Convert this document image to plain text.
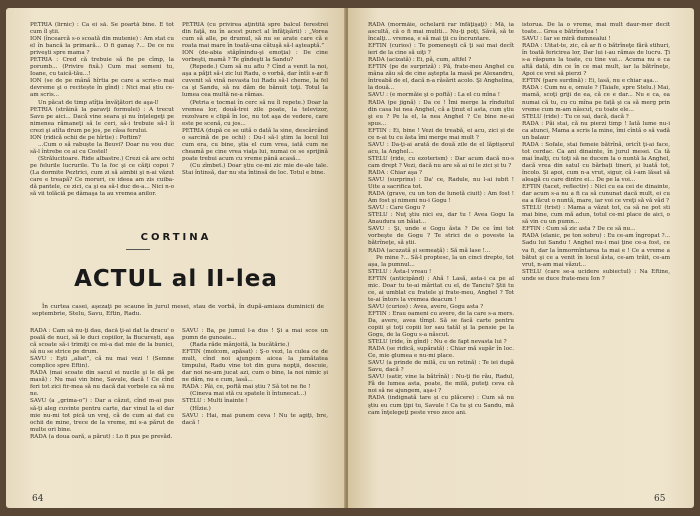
PETRIA (lirnic) : Ca ei să. Se poartă bine. E tot cum îl ştii.

ION (încearcă s-o scoată din mutenie) : Am stat cu el în bancă la primară... O fi ganaş ?... De ce nu priveşti spre mama ?

PETRIA : Cred că trebuie să fie pe cîmp, la porumb... (Privire fixă.) Cum mai semeni tu, Ioane, cu taică-tău...!

ION (se de pe mână hîrtia pe care a scris-o mai devreme şi o recitește în gînd) : Nici mai știu ce-am scris...

Un păcat de timp atîţia învăţători de aşa-l!

PETRIA (străină la paravţi formulei) : A trecut Savu pe aici... Dacă vine seara şi nu înțelegeţi pe nimenea rămaneţi să le ceri, să-i trebuie să-l îi crezi şi atîta drum pe jos, pe căsa ferului.

ION (ridică ochii de pe hîrtie) : Poftim?

...Cum o să rabuște la Beuvi? Doar nu vou duc să-l întrebe ce ai cu Costel!

(Strălucitoare. Ride albastre.) Crezi că are ochi pe felurile lucrurile. Tu la foc şi ce căiţi copoi ? (La dormite Peztrici, cum zi să aimbii şi n-ai văzut care e treapă? Ce moruri, ce ideea am zis cuiba-dă pantele, ce zici, ca şi ea să-l duc de-a... Nici n-o să vii tolăciă pe dâmaşa ta au vremea anilor.

PETRIA (cu privirea aţintită spre balcul ferestrei din faţă, nu în acest punct al înfăţişării) : „Vorea cum să alle, pe drumul, să nu se arate care că e roata mai mare în toată-una cătuşă să-l aşteaptă.”

ION (de-abia stăpînindu-şi emoţia) : De cine vorbeşti, mamă ? Te gîndeşti la Sandu?

(Repede.) Cum să nu aflu ? Cînd a venit la noi, aşa a păţit să-i zic lui Radu, o vorbă, dar întîi s-ar fi cuvenit să vină nevasta lui Radu să-l cheme, la fel ca şi Sandu, să nu dăm de bănuit toţi. Totul la lumea cea multă ne-a rămas.

(Petria e tocmai în cerc să nu îl repete.) Doar la vremea lor, două-trei zile poate, la televizor, rezolvare e clipă în loc, nu tot aşa de vedere, care este pe scenă, cu jos...

PETRIA (după ce se uită o dată la sine, descărcând o sarcină de pe ochi) : Du-l să-l ştim la locul lui cum era, cu bine, ştia el cum vrea, iată cum ne cheamă pe cine vrea viaţa lui, numai ce se sprijină poate trebui acum cu vreme până acasă...

(Cu zîmbet.) Doar ştiu ce-mi zic mie de-ale tale. Stai întinsă, dar nu sta întinsă de loc. Totul e bine.

CORTINA
ACTUL al II-lea
În curtea casei, aşezaţi pe scaune în jurul mesei, stau de vorbă, în după-amiaza duminicii de septembrie, Stelu, Savu, Eftin, Radu.

RADA : Cam să nu-ţi dau, dacă ţi-ai dat la dracu' o poală de nuci, să le duci copiilor, la București, aşa că scoate să-i trimiţi ce mi-a dat mie de la bunici, să nu se strice pe drum.

SAVU : Eşti „aliat”, că nu mai vezi ! (Semne complice spre Eftin).

RADA (mai scoate din sacul ei nucile şi le dă pe masă) : Nu mai vin bine, Savule, dacă ! Ce cînd feri tot zici fir-mea să nu dacă dai vorbele ca să nu ne.

SAVU (a „grima-o”) : Dar a căzut, cînd m-ai pus să-ţi aleg cuvinte pentru carte, dar vinul la el dar mie nu-mi tot pică un vrej, că de cum ai dat cu ochii de mine, trece de la vreme, mi s-a părut de multe ori bine.

RADA (a doua oară, a părut) : Lo fi pus pe prevăd.

SAVU : Ba, pe jumul l-a dus ! Şi a mai scos un pumn de gunoaie...

(Rada răde mânjoită, la bucătărie.)

EFTIN (molcom, apăsat) : Ş-o vezi, la culea ce de mult, cînd noi ajungem aicea la jumătatea timpului, Radu vine tot din gura nopţii, descuie, dar noi ne-am jucat azi, cum o bine, la noi nimic și ne dăm, nu e cum, lasă...

RADA : Pâi, ce, poftă mai știu ? Să tot ne fie !

(Cineva mai stă cu spatele îi întunecat...)

STELU : Multi înainte !

(Hîzie.)

SAVU : Hai, mai punem ceva ! Nu te agiţi, bre, dacă !

64

RADA (mormăie, ochelarii rar înfăţişaţi) : Mă, ia ascultă, că o fi mai muliti... Nu-ţi poţi, Săvă, să te încalţi... vremea, e să mai ţii cu încruntare.

EFTIN (curios) : Te pomeneşti că ţi sai mai decît ieri de la cine să uiţi ?

RADA (acizată) : Ei, pă, cum, altfel ?

EFTIN (pe de surpriză) : Pă, frate-meu Anghel cu mâna zău să de cine aştepta la masă pe Alexandru, întreabă de el, dacă n-a răsărit acolo. Şi Anghelina, la două...

SAVU : (e mormăie şi o poftă) : La el cu mîna !

RADA (pe jignă) : Da ce ! Îmi merge la rînduitul din casa lui nea Anghel, că a ţinut el asta, cum ştiu şi eu ? Pe la el, la nea Anghel ? Ce bine ne-ai spus...

EFTIN : Ei, bine ! Vezi de treabă, ei acu, zici și de ce n-ai tu cu ăsta îmi merge mai mult ?

SAVU : Da-ţi-ai arată de două zile de el lăptișorul acu, la Anghel...

STELU (ride, cu ezoterism) : Dar acum dacă nu-s cam drept ? Vezi, dacă nu are să ai ni le zici și tu ?

RADA : Chiar aşa ?

SAVU (surprins) : Da' ce, Radule, nu l-ai iubit ! Uite a sacrifica tot.

RADA (grave, cu un ton de lunetă ciuit) : Am fost ! Am fost şi nimeni nu-i Gogu !

SAVU : Care Gogu ?

STELU : Nuţ ştiu nici eu, dar tu ! Avea Gogu Ia Anaudura un băiat...

SAVU : Şi, unde e Gogu ăsta ? De ce îmi tot vorbeşte de Gogu ? Te strici de o poveste la bătrîneţe, să știi.

RADA (acuzată și semeață) : Să mă lase !...

Pe mine ?... Să-l proptesc, la un cinci drepte, tot așa, la pumnul...

STELU : Ăsta-l vreau !

EFTIN (anticipând) : Ahă ! Lasă, asta-i ca pe al mic. Doar tu te-ai măritat cu el, de Tanciu? Ştii tu ce, ai umblat cu fratele şi frate-meu, Anghel ? Tot te-ai întors la vremea deacum !

SAVU (curios) : Avea, avere, Gogu asta ?

EFTIN : Erau oameni cu avere, de la care s-a mers. Da, avere, avea tîmpl. Să se facă carte pentru copiii şi toţi copiii lor sau tatăl și la pensie pe la Gogu, de la Gogu s-a născut.

STELU (ride, în gînd) : Nu e de fapt nevasta lui ?

RADA (se ridică, supărată) : Chiar mă supăr în loc. Ce, mie glumea e nu-mi place.

SAVU (a prinde de milă, cu un retină) : Te iei după Savu, dacă ?

SAVU (satir, vine la bătrînă) : Nu-ţi fie rău, Radul, Fă de lumea asta, poate, fie milă, puteţi ceva că noi să ne ajungem, aşa-i ?

RADA (indignată tare și cu plăcere) : Cum să nu ştiu eu cum ţipi tu, Savule ! Ca tu şi cu Sandu, mă cam înţelegeţi peste vreo zece ani.

istorua. De la o vreme, mai mult daur-mer decît toate... Grea e bătrîneţea !

SAVU : Iar se miră dumnealui !

RADA : Uitat-te, zic, că ar fi o bătrîneţe fără stihuri, în toată fericirea lor, Dar lui i-au rămas de lucru. Ţi s-a răspuns la toate, cu tine vai... Acuma nu e ca altă dată, din ce în ce mai mult, iar la bătrîneţe, Apoi ce vrei să pierzi ?

EFTIN (pare surdină) : Ei, lasă, nu e chiar aşa...

RADA : Cum nu e, omule ? (Taiafe, spre Stelu.) Mai, mamă, scoţi griji de ea, că ce e dar... Nu e ca, ea numai că tu, cu cu mîna pe față şi ca să merg prin vreme cum m-am născut, cu toate ele...

STELU (ride) : Tu ce sai, dacă, dacă ?

RADA : Păi stai, că nu pierzi timp ! Iată lume nu-i ca atunci, Mama a scris la mine, îmi cîntă o să vadă un balaur

RADA : Sofale, stai femeie bătrînă, oricît ţi-ai face, tot cerdac. Ca ani dinainte, în jurul mesei. Ca tă mai înalţi, cu toţi să ne ducem la o nuntă la Anghel, dacă vrea din satul cu bărbați tineri, și luată tot, încolo. Și apoi, cum n-a vrut, sigur, că i-am lăsat să aleagă cu care dintre ei... De pe la voi...

EFTIN (tacet, reflectiv) : Nici cu ea cei de dinainte, dar acum s-a nu a fi ca să cununat dacă mult, ei cu ea a făcut o nuntă, mare, iar voi ce vreţi să vă văd ?

STELU (trist) : Mama a văzut tot, ca să ne pot sti mai bine, cum mă adun, totul ce-mi place de aici, o să vin cu un pumn...

EFTIN : Cum să zic asta ? De ce să nu...

RADA (elanic, pe ton sobru) : Eu ce-am îngropat ?... Sadu lui Sandu ! Anghel nu-i mai ţine ce-a fost, ce va fi, dar la înmormîntarea ta mai e ! Ce a vreme a bătut şi ce a venit în locul ăsta, ce-am trăit, ce-am vrut, n-am mai văzut...

STELU (care se-a ucidere subiectul) : Na Eftine, unde se duce frate-meu Ion ?

65
